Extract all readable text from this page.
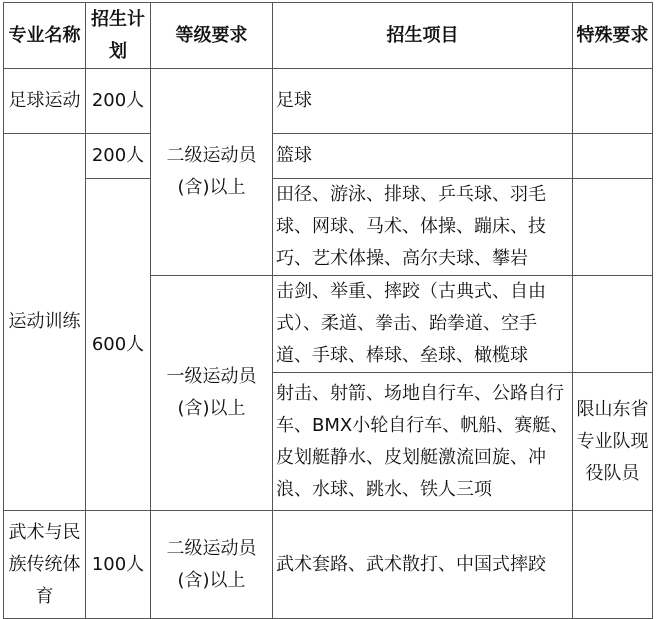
专业名称	招生计划	等级要求	招生项目	特殊要求
足球运动	200人	二级运动员(含)以上	足球	
运动训练	200人		篮球	
	600人		田径、游泳、排球、乒乓球、羽毛球、网球、马术、体操、蹦床、技巧、艺术体操、高尔夫球、攀岩	
		一级运动员(含)以上	击剑、举重、摔跤（古典式、自由式）、柔道、拳击、跆拳道、空手道、手球、棒球、垒球、橄榄球	
			射击、射箭、场地自行车、公路自行车、BMX小轮自行车、帆船、赛艇、皮划艇静水、皮划艇激流回旋、冲浪、水球、跳水、铁人三项	限山东省专业队现役队员
武术与民族传统体育	100人	二级运动员(含)以上	武术套路、武术散打、中国式摔跤	
